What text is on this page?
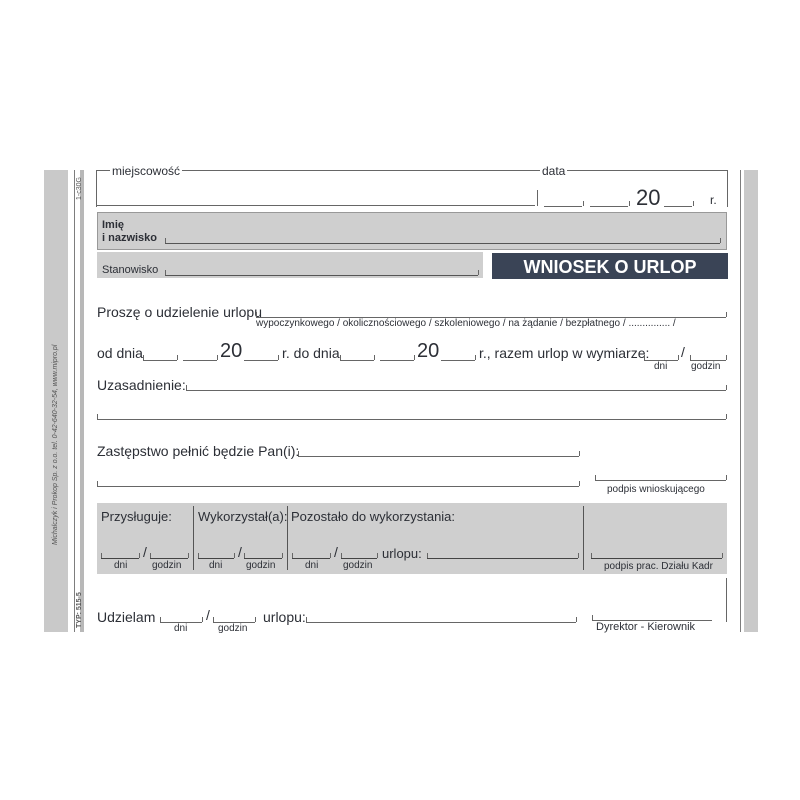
1-c30G
Michalczyk i Prokop Sp. z o.o. tel. 0-42-640-32-54, www.mipro.pl
TYP: 515-5
miejscowość	data
20	r.
Imię
i nazwisko
Stanowisko	WNIOSEK O URLOP
Proszę o udzielenie urlopu
wypoczynkowego / okolicznościowego / szkoleniowego / na żądanie / bezpłatnego / ............... /
od dnia	20	r. do dnia	20	r., razem urlop w wymiarze: /
dni godzin
Uzasadnienie:
Zastępstwo pełnić będzie Pan(i):
podpis wnioskującego
Przysługuje: Wykorzystał(a): Pozostało do wykorzystania:
/
dni godzin
/
dni godzin
/
dni godzin
urlopu:
podpis prac. Działu Kadr
Udzielam	/
dni	godzin
urlopu:
Dyrektor - Kierownik
